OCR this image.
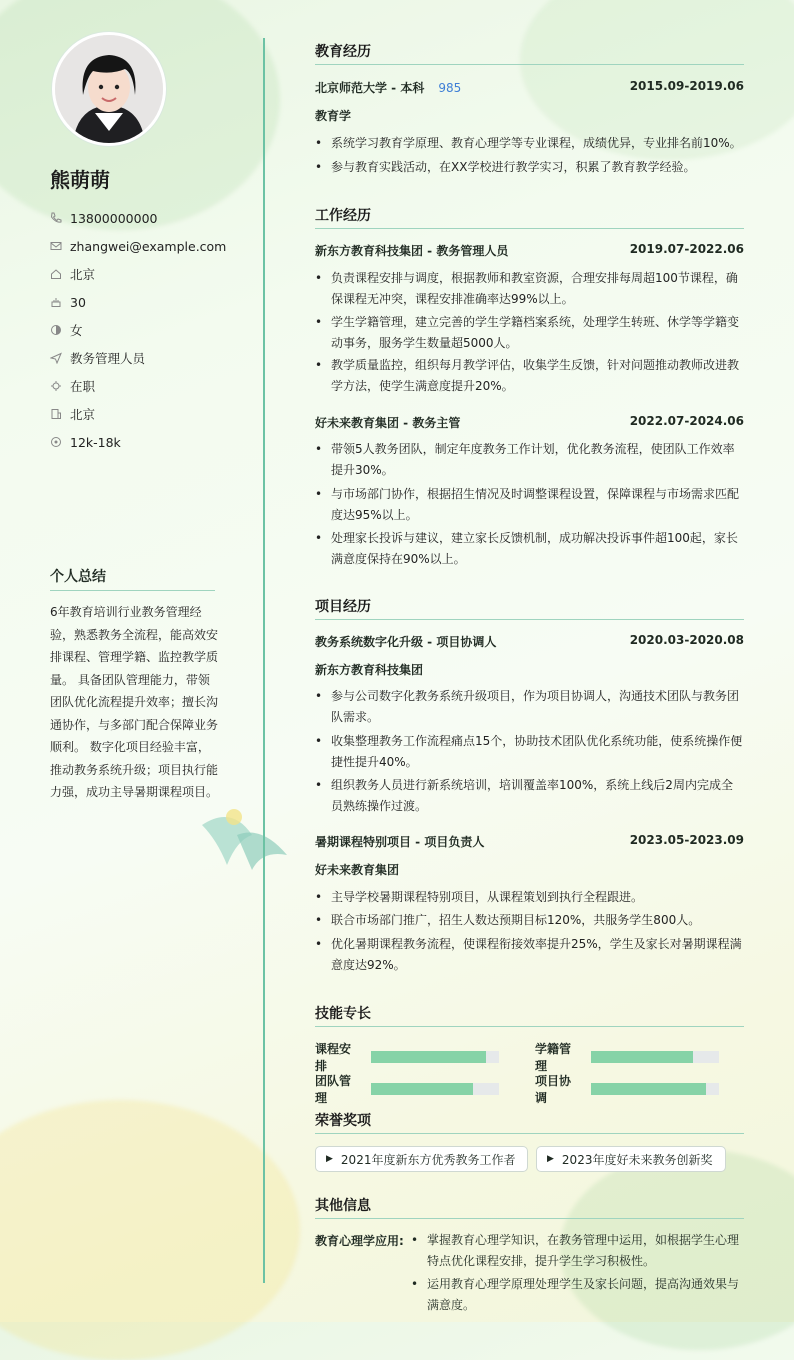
熊萌萌
13800000000
zhangwei@example.com
北京
30
女
教务管理人员
在职
北京
12k-18k
个人总结
6年教育培训行业教务管理经验，熟悉教务全流程，能高效安排课程、管理学籍、监控教学质量。 具备团队管理能力，带领团队优化流程提升效率；擅长沟通协作，与多部门配合保障业务顺利。 数字化项目经验丰富，推动教务系统升级；项目执行能力强，成功主导暑期课程项目。
教育经历
北京师范大学 - 本科 985	2015.09-2019.06
教育学
• 系统学习教育学原理、教育心理学等专业课程，成绩优异，专业排名前10%。
• 参与教育实践活动，在XX学校进行教学实习，积累了教育教学经验。
工作经历
新东方教育科技集团 - 教务管理人员	2019.07-2022.06
• 负责课程安排与调度，根据教师和教室资源，合理安排每周超100节课程，确保课程无冲突，课程安排准确率达99%以上。
• 学生学籍管理，建立完善的学生学籍档案系统，处理学生转班、休学等学籍变动事务，服务学生数量超5000人。
• 教学质量监控，组织每月教学评估，收集学生反馈，针对问题推动教师改进教学方法，使学生满意度提升20%。
好未来教育集团 - 教务主管	2022.07-2024.06
• 带领5人教务团队，制定年度教务工作计划，优化教务流程，使团队工作效率提升30%。
• 与市场部门协作，根据招生情况及时调整课程设置，保障课程与市场需求匹配度达95%以上。
• 处理家长投诉与建议，建立家长反馈机制，成功解决投诉事件超100起，家长满意度保持在90%以上。
项目经历
教务系统数字化升级 - 项目协调人	2020.03-2020.08
新东方教育科技集团
• 参与公司数字化教务系统升级项目，作为项目协调人，沟通技术团队与教务团队需求。
• 收集整理教务工作流程痛点15个，协助技术团队优化系统功能，使系统操作便捷性提升40%。
• 组织教务人员进行新系统培训，培训覆盖率100%，系统上线后2周内完成全员熟练操作过渡。
暑期课程特别项目 - 项目负责人	2023.05-2023.09
好未来教育集团
• 主导学校暑期课程特别项目，从课程策划到执行全程跟进。
• 联合市场部门推广，招生人数达预期目标120%，共服务学生800人。
• 优化暑期课程教务流程，使课程衔接效率提升25%，学生及家长对暑期课程满意度达92%。
技能专长
课程安排
学籍管理
团队管理
项目协调
荣誉奖项
▶ 2021年度新东方优秀教务工作者	▶ 2023年度好未来教务创新奖
其他信息
教育心理学应用:
•	掌握教育心理学知识，在教务管理中运用，如根据学生心理特点优化课程安排，提升学生学习积极性。
• 运用教育心理学原理处理学生及家长问题，提高沟通效果与满意度。
